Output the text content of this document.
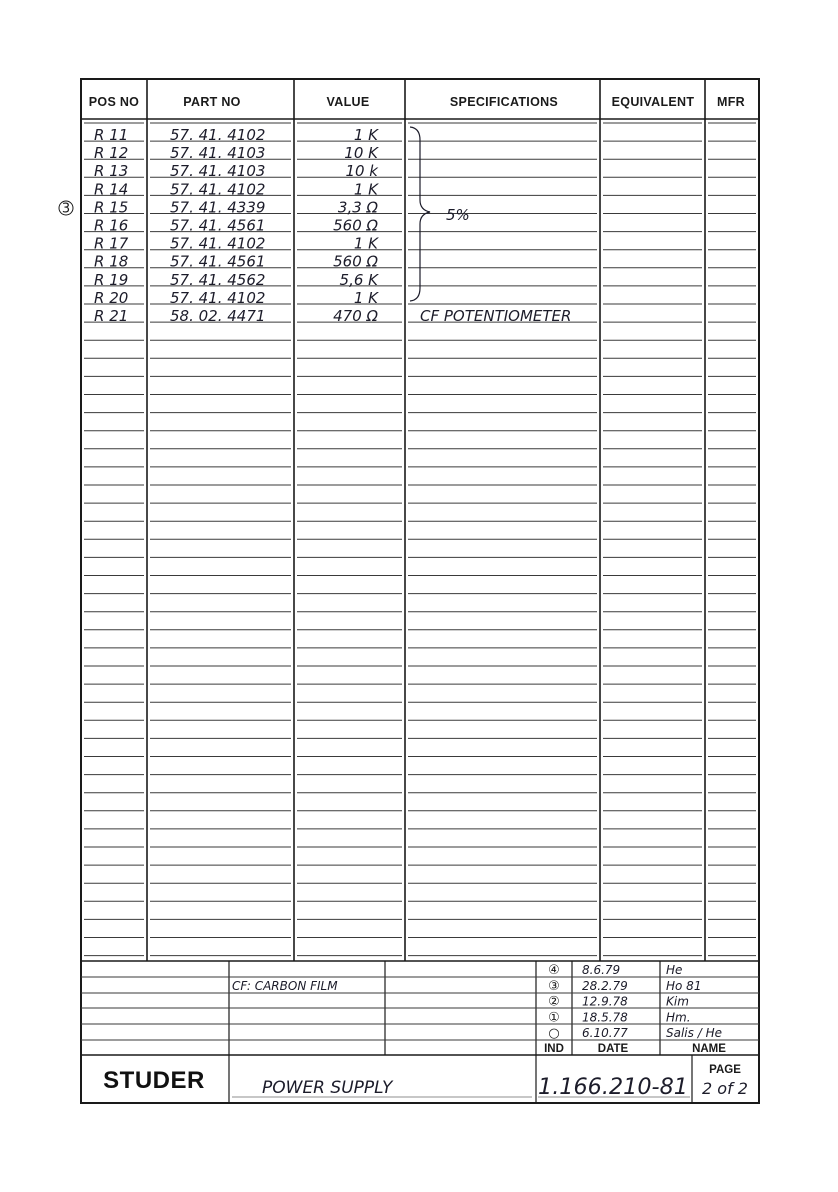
POS NO	PART NO	VALUE	SPECIFICATIONS	EQUIVALENT MFR
R 11	57. 41. 4102	1 K
R 12	57. 41. 4103	10 K
R 13	57. 41. 4103	10 k
R 14	57. 41. 4102	1 K
R 15	57. 41. 4339	3,3 Ω
R 16	57. 41. 4561	560 Ω
R 17	57. 41. 4102	1 K
R 18	57. 41. 4561	560 Ω
R 19	57. 41. 4562	5,6 K
R 20	57. 41. 4102	1 K
R 21	58. 02. 4471	470 Ω	CF POTENTIOMETER
3	5%
CF: CARBON FILM
④ 8.6.79	He
③ 28.2.79	Ho 81
② 12.9.78	Kim
① 18.5.78	Hm.
○ 6.10.77	Salis / He
IND	DATE	NAME
STUDER	POWER SUPPLY	1.166.210-81
PAGE
2 of 2
